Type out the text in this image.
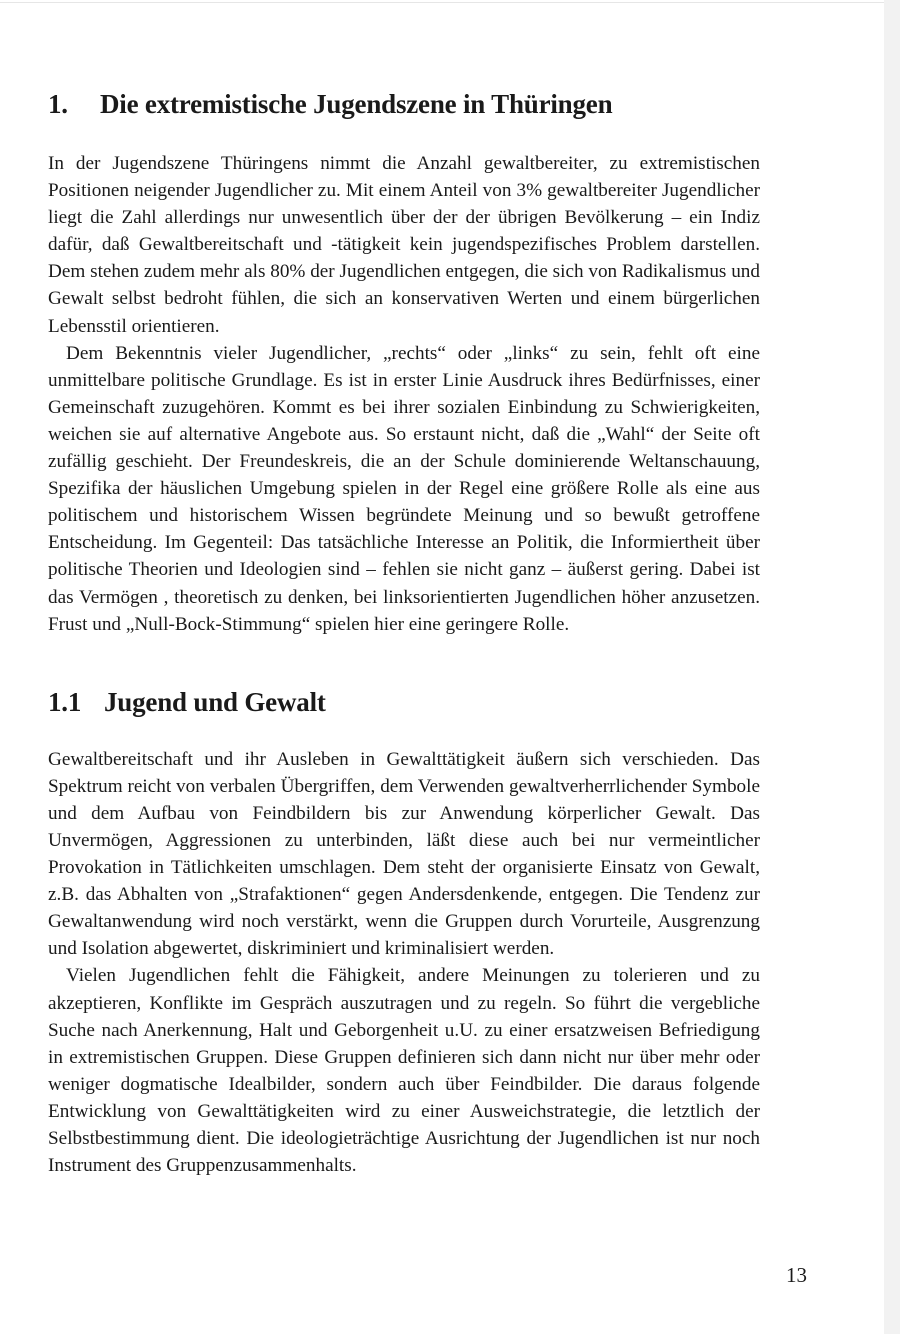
1. Die extremistische Jugendszene in Thüringen

In der Jugendszene Thüringens nimmt die Anzahl gewaltbereiter, zu extremistischen Positionen neigender Jugendlicher zu. Mit einem Anteil von 3% gewaltbereiter Jugendlicher liegt die Zahl allerdings nur unwesentlich über der der übrigen Bevölkerung – ein Indiz dafür, daß Gewaltbereitschaft und -tätigkeit kein jugendspezifisches Problem darstellen. Dem stehen zudem mehr als 80% der Jugendlichen entgegen, die sich von Radikalismus und Gewalt selbst bedroht fühlen, die sich an konservativen Werten und einem bürgerlichen Lebensstil orientieren.

Dem Bekenntnis vieler Jugendlicher, „rechts“ oder „links“ zu sein, fehlt oft eine unmittelbare politische Grundlage. Es ist in erster Linie Ausdruck ihres Bedürfnisses, einer Gemeinschaft zuzugehören. Kommt es bei ihrer sozialen Einbindung zu Schwierigkeiten, weichen sie auf alternative Angebote aus. So erstaunt nicht, daß die „Wahl“ der Seite oft zufällig geschieht. Der Freundeskreis, die an der Schule dominierende Weltanschauung, Spezifika der häuslichen Umgebung spielen in der Regel eine größere Rolle als eine aus politischem und historischem Wissen begründete Meinung und so bewußt getroffene Entscheidung. Im Gegenteil: Das tatsächliche Interesse an Politik, die Informiertheit über politische Theorien und Ideologien sind – fehlen sie nicht ganz – äußerst gering. Dabei ist das Vermögen , theoretisch zu denken, bei linksorientierten Jugendlichen höher anzusetzen. Frust und „Null-Bock-Stimmung“ spielen hier eine geringere Rolle.

1.1 Jugend und Gewalt

Gewaltbereitschaft und ihr Ausleben in Gewalttätigkeit äußern sich verschieden. Das Spektrum reicht von verbalen Übergriffen, dem Verwenden gewaltverherrlichender Symbole und dem Aufbau von Feindbildern bis zur Anwendung körperlicher Gewalt. Das Unvermögen, Aggressionen zu unterbinden, läßt diese auch bei nur vermeintlicher Provokation in Tätlichkeiten umschlagen. Dem steht der organisierte Einsatz von Gewalt, z.B. das Abhalten von „Strafaktionen“ gegen Andersdenkende, entgegen. Die Tendenz zur Gewaltanwendung wird noch verstärkt, wenn die Gruppen durch Vorurteile, Ausgrenzung und Isolation abgewertet, diskriminiert und kriminalisiert werden.

Vielen Jugendlichen fehlt die Fähigkeit, andere Meinungen zu tolerieren und zu akzeptieren, Konflikte im Gespräch auszutragen und zu regeln. So führt die vergebliche Suche nach Anerkennung, Halt und Geborgenheit u.U. zu einer ersatzweisen Befriedigung in extremistischen Gruppen. Diese Gruppen definieren sich dann nicht nur über mehr oder weniger dogmatische Idealbilder, sondern auch über Feindbilder. Die daraus folgende Entwicklung von Gewalttätigkeiten wird zu einer Ausweichstrategie, die letztlich der Selbstbestimmung dient. Die ideologieträchtige Ausrichtung der Jugendlichen ist nur noch Instrument des Gruppenzusammenhalts.

13
